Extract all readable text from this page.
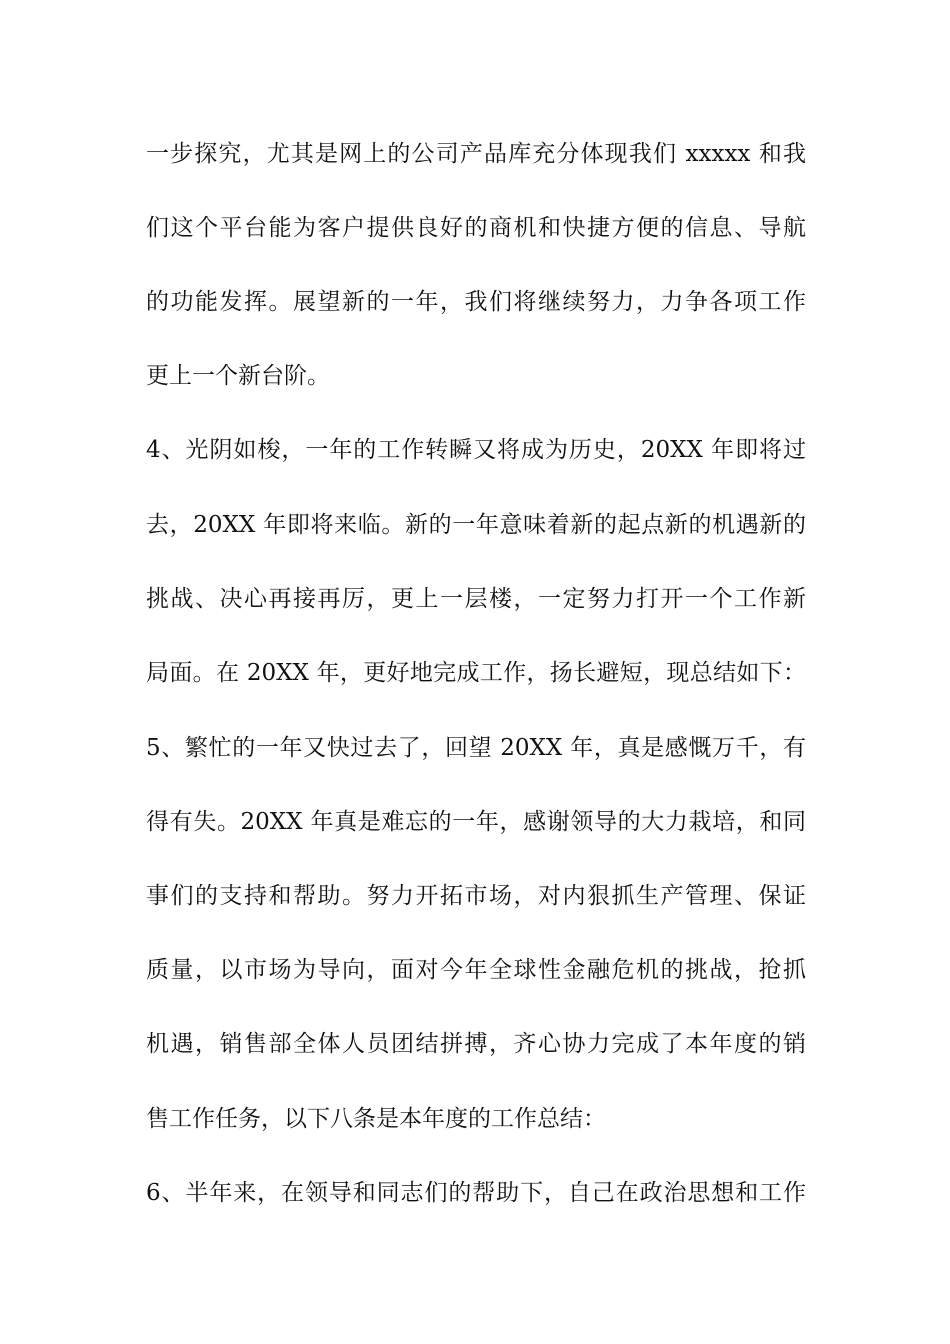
一步探究，尤其是网上的公司产品库充分体现我们 xxxxx 和我
们这个平台能为客户提供良好的商机和快捷方便的信息、导航
的功能发挥。展望新的一年，我们将继续努力，力争各项工作
更上一个新台阶。
4、光阴如梭，一年的工作转瞬又将成为历史，20XX 年即将过
去，20XX 年即将来临。新的一年意味着新的起点新的机遇新的
挑战、决心再接再厉，更上一层楼，一定努力打开一个工作新
局面。在 20XX 年，更好地完成工作，扬长避短，现总结如下：
5、繁忙的一年又快过去了，回望 20XX 年，真是感慨万千，有
得有失。20XX 年真是难忘的一年，感谢领导的大力栽培，和同
事们的支持和帮助。努力开拓市场，对内狠抓生产管理、保证
质量，以市场为导向，面对今年全球性金融危机的挑战，抢抓
机遇，销售部全体人员团结拼搏，齐心协力完成了本年度的销
售工作任务，以下八条是本年度的工作总结：
6、半年来，在领导和同志们的帮助下，自己在政治思想和工作
